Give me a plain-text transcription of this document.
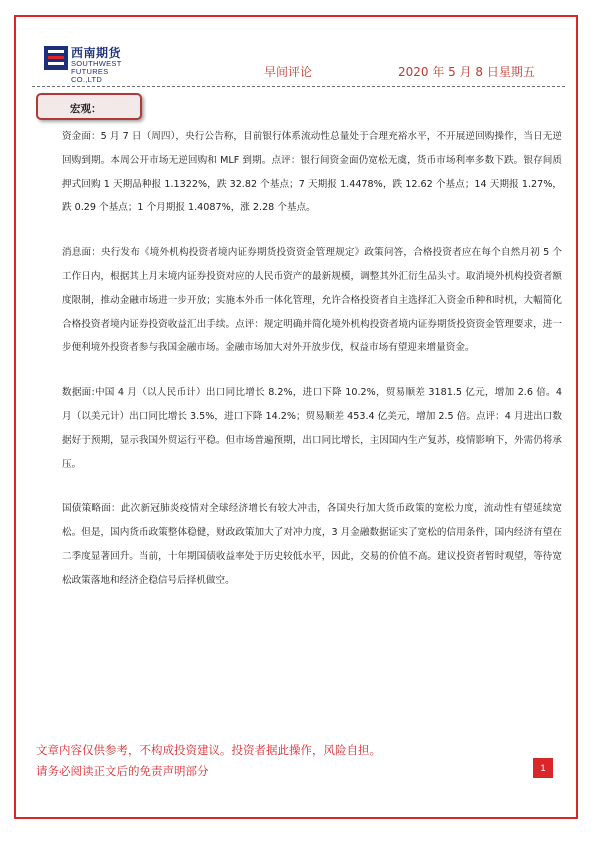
西南期货
SOUTHWEST FUTURES CO.,LTD
早间评论	2020 年 5 月 8 日星期五
宏观：

资金面：5 月 7 日（周四），央行公告称，目前银行体系流动性总量处于合理充裕水平，不开展逆回购操作，当日无逆回购到期。本周公开市场无逆回购和 MLF 到期。点评：银行间资金面仍宽松无虞，货币市场利率多数下跌。银存间质押式回购 1 天期品种报 1.1322%，跌 32.82 个基点；7 天期报 1.4478%，跌 12.62 个基点；14 天期报 1.27%，跌 0.29 个基点；1 个月期报 1.4087%，涨 2.28 个基点。

消息面：央行发布《境外机构投资者境内证券期货投资资金管理规定》政策问答，合格投资者应在每个自然月初 5 个工作日内，根据其上月末境内证券投资对应的人民币资产的最新规模，调整其外汇衍生品头寸。取消境外机构投资者额度限制，推动金融市场进一步开放；实施本外币一体化管理，允许合格投资者自主选择汇入资金币种和时机，大幅简化合格投资者境内证券投资收益汇出手续。点评：规定明确并简化境外机构投资者境内证券期货投资资金管理要求，进一步便利境外投资者参与我国金融市场。金融市场加大对外开放步伐，权益市场有望迎来增量资金。

数据面:中国 4 月（以人民币计）出口同比增长 8.2%，进口下降 10.2%，贸易顺差 3181.5 亿元，增加 2.6 倍。4 月（以美元计）出口同比增长 3.5%，进口下降 14.2%；贸易顺差 453.4 亿美元，增加 2.5 倍。点评：4 月进出口数据好于预期，显示我国外贸运行平稳。但市场普遍预期，出口同比增长，主因国内生产复苏，疫情影响下，外需仍将承压。

国债策略面：此次新冠肺炎疫情对全球经济增长有较大冲击，各国央行加大货币政策的宽松力度，流动性有望延续宽松。但是，国内货币政策整体稳健，财政政策加大了对冲力度，3 月金融数据证实了宽松的信用条件，国内经济有望在二季度显著回升。当前，十年期国债收益率处于历史较低水平，因此，交易的价值不高。建议投资者暂时观望，等待宽松政策落地和经济企稳信号后择机做空。

文章内容仅供参考，不构成投资建议。投资者据此操作，风险自担。
请务必阅读正文后的免责声明部分	1
